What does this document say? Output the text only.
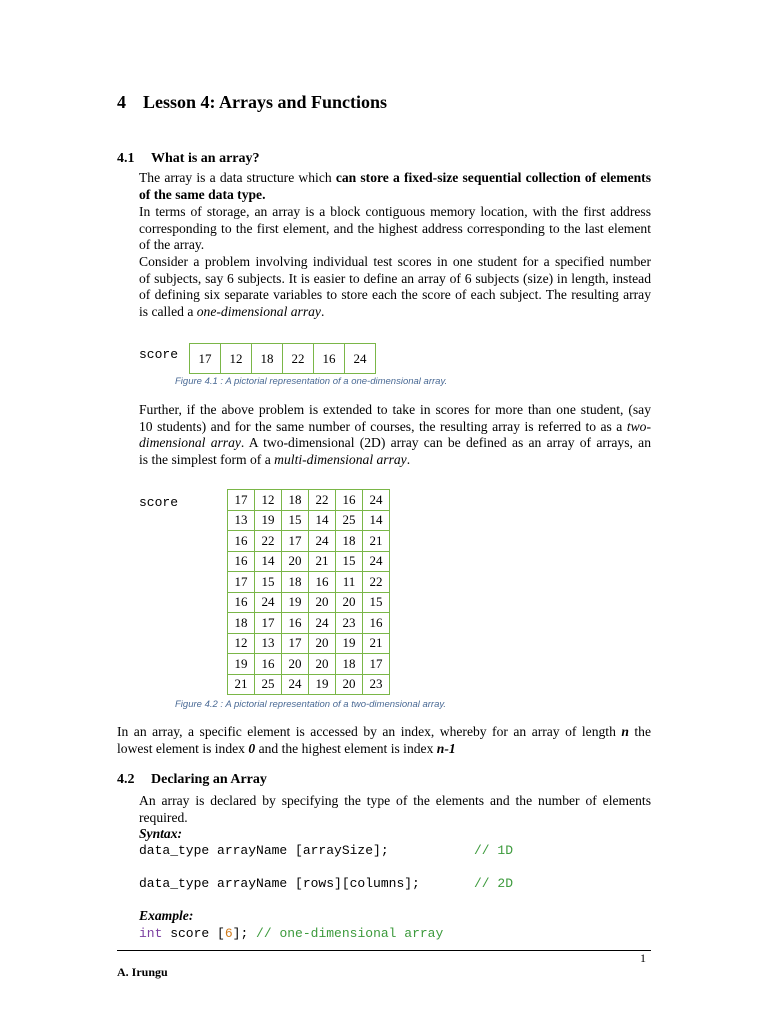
4 Lesson 4: Arrays and Functions
4.1 What is an array?
The array is a data structure which can store a fixed-size sequential collection of elements
of the same data type.
In terms of storage, an array is a block contiguous memory location, with the first address
corresponding to the first element, and the highest address corresponding to the last element
of the array.
Consider a problem involving individual test scores in one student for a specified number
of subjects, say 6 subjects. It is easier to define an array of 6 subjects (size) in length, instead
of defining six separate variables to store each the score of each subject. The resulting array
is called a one-dimensional array.
score 17	12	18	22	16	24
Figure 4.1 : A pictorial representation of a one-dimensional array.
Further, if the above problem is extended to take in scores for more than one student, (say
10 students) and for the same number of courses, the resulting array is referred to as a two-
dimensional array. A two-dimensional (2D) array can be defined as an array of arrays, an
is the simplest form of a multi-dimensional array.
score	17	12	18	22	16	24
13	19	15	14	25	14
16	22	17	24	18	21
16	14	20	21	15	24
17	15	18	16	11	22
16	24	19	20	20	15
18	17	16	24	23	16
12	13	17	20	19	21
19	16	20	20	18	17
21	25	24	19	20	23
Figure 4.2 : A pictorial representation of a two-dimensional array.
In an array, a specific element is accessed by an index, whereby for an array of length n the
lowest element is index 0 and the highest element is index n-1
4.2 Declaring an Array
An array is declared by specifying the type of the elements and the number of elements
required.
Syntax:
data_type arrayName [arraySize];	// 1D
data_type arrayName [rows][columns];	// 2D
Example:
int score [6]; // one-dimensional array
1
A. Irungu
